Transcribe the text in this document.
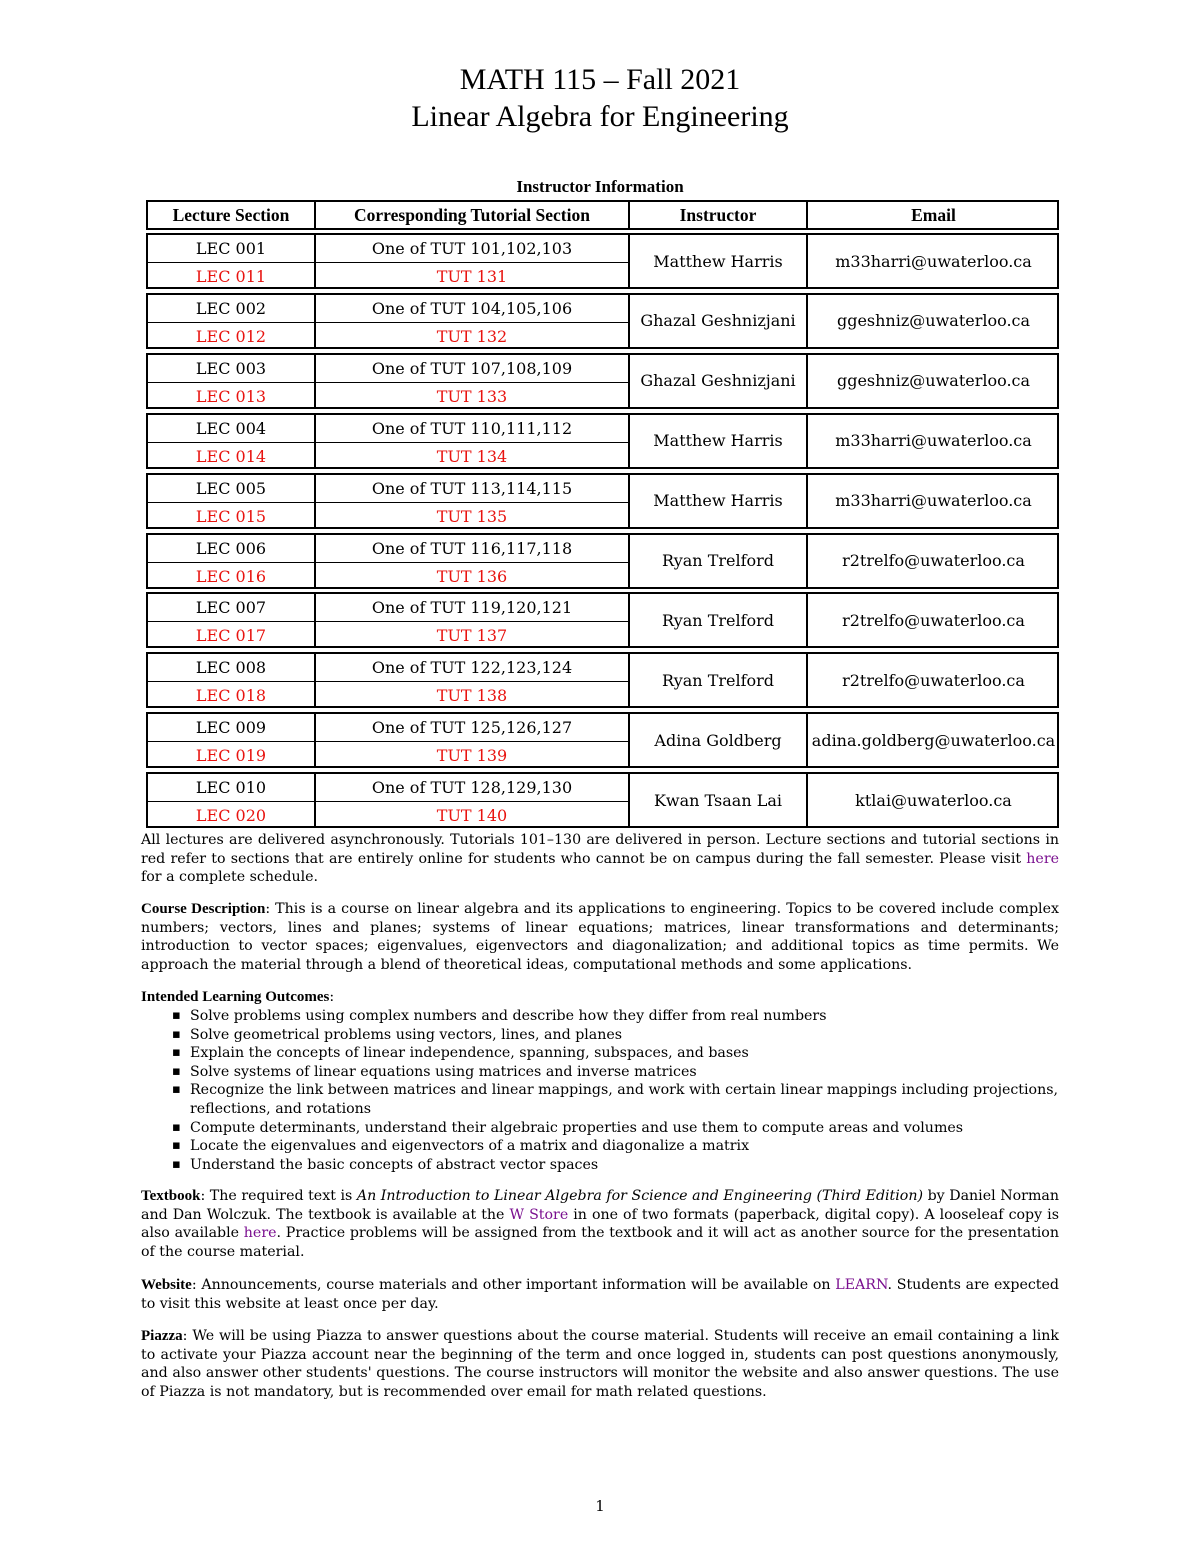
MATH 115 – Fall 2021
Linear Algebra for Engineering
Instructor Information
Lecture Section	Corresponding Tutorial Section	Instructor	Email
LEC 001	One of TUT 101,102,103
LEC 011	TUT 131
Matthew Harris	m33harri@uwaterloo.ca
LEC 002	One of TUT 104,105,106
LEC 012	TUT 132
Ghazal Geshnizjani	ggeshniz@uwaterloo.ca
LEC 003	One of TUT 107,108,109
LEC 013	TUT 133
Ghazal Geshnizjani	ggeshniz@uwaterloo.ca
LEC 004	One of TUT 110,111,112
LEC 014	TUT 134
Matthew Harris	m33harri@uwaterloo.ca
LEC 005	One of TUT 113,114,115
LEC 015	TUT 135
Matthew Harris	m33harri@uwaterloo.ca
LEC 006	One of TUT 116,117,118
LEC 016	TUT 136
Ryan Trelford	r2trelfo@uwaterloo.ca
LEC 007	One of TUT 119,120,121
LEC 017	TUT 137
Ryan Trelford	r2trelfo@uwaterloo.ca
LEC 008	One of TUT 122,123,124
LEC 018	TUT 138
Ryan Trelford	r2trelfo@uwaterloo.ca
LEC 009	One of TUT 125,126,127
LEC 019	TUT 139
Adina Goldberg	adina.goldberg@uwaterloo.ca
LEC 010	One of TUT 128,129,130
LEC 020	TUT 140
Kwan Tsaan Lai	ktlai@uwaterloo.ca
All lectures are delivered asynchronously. Tutorials 101–130 are delivered in person. Lecture sections and tutorial sections in red refer to sections that are entirely online for students who cannot be on campus during the fall semester. Please visit here for a complete schedule.
Course Description: This is a course on linear algebra and its applications to engineering. Topics to be covered include complex numbers; vectors, lines and planes; systems of linear equations; matrices, linear transformations and determinants; introduction to vector spaces; eigenvalues, eigenvectors and diagonalization; and additional topics as time permits. We approach the material through a blend of theoretical ideas, computational methods and some applications.
Intended Learning Outcomes:
▪ Solve problems using complex numbers and describe how they differ from real numbers
▪ Solve geometrical problems using vectors, lines, and planes
▪ Explain the concepts of linear independence, spanning, subspaces, and bases
▪ Solve systems of linear equations using matrices and inverse matrices
▪ Recognize the link between matrices and linear mappings, and work with certain linear mappings including projections, reflections, and rotations
▪ Compute determinants, understand their algebraic properties and use them to compute areas and volumes
▪ Locate the eigenvalues and eigenvectors of a matrix and diagonalize a matrix
▪ Understand the basic concepts of abstract vector spaces
Textbook: The required text is An Introduction to Linear Algebra for Science and Engineering (Third Edition) by Daniel Norman and Dan Wolczuk. The textbook is available at the W Store in one of two formats (paperback, digital copy). A looseleaf copy is also available here. Practice problems will be assigned from the textbook and it will act as another source for the presentation of the course material.
Website: Announcements, course materials and other important information will be available on LEARN. Students are expected to visit this website at least once per day.
Piazza: We will be using Piazza to answer questions about the course material. Students will receive an email containing a link to activate your Piazza account near the beginning of the term and once logged in, students can post questions anonymously, and also answer other students' questions. The course instructors will monitor the website and also answer questions. The use of Piazza is not mandatory, but is recommended over email for math related questions.
1
